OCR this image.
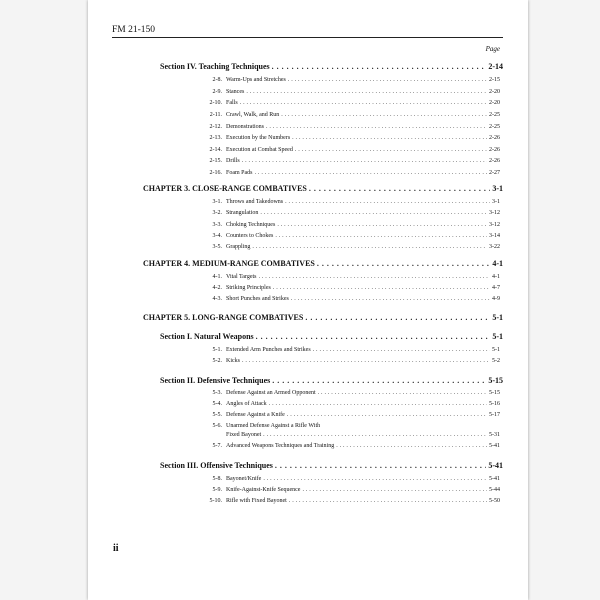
FM 21-150
Page
Section IV. Teaching Techniques . . .	2-14
2-8. Warm-Ups and Stretches . . .	2-15
2-9. Stances . . .	2-20
2-10. Falls . . .	2-20
2-11. Crawl, Walk, and Run . . .	2-25
2-12. Demonstrations . . .	2-25
2-13. Execution by the Numbers . . .	2-26
2-14. Execution at Combat Speed . . .	2-26
2-15. Drills . . .	2-26
2-16. Foam Pads . . .	2-27
CHAPTER 3. CLOSE-RANGE COMBATIVES . . .	3-1
3-1. Throws and Takedowns . . .	3-1
3-2. Strangulation . . .	3-12
3-3. Choking Techniques . . .	3-12
3-4. Counters to Chokes . . .	3-14
3-5. Grappling . . .	3-22
CHAPTER 4. MEDIUM-RANGE COMBATIVES . . .	4-1
4-1. Vital Targets . . .	4-1
4-2. Striking Principles . . .	4-7
4-3. Short Punches and Strikes . . .	4-9
CHAPTER 5. LONG-RANGE COMBATIVES . . .	5-1
Section I. Natural Weapons . . .	5-1
5-1. Extended Arm Punches and Strikes . . .	5-1
5-2. Kicks . . .	5-2
Section II. Defensive Techniques . . .	5-15
5-3. Defense Against an Armed Opponent . . .	5-15
5-4. Angles of Attack . . .	5-16
5-5. Defense Against a Knife . . .	5-17
5-6. Unarmed Defense Against a Rifle With
Fixed Bayonet . . .	5-31
5-7. Advanced Weapons Techniques and Training . . .	5-41
Section III. Offensive Techniques . . .	5-41
5-8. Bayonet/Knife . . .	5-41
5-9. Knife-Against-Knife Sequence . . .	5-44
5-10. Rifle with Fixed Bayonet . . .	5-50
ii
